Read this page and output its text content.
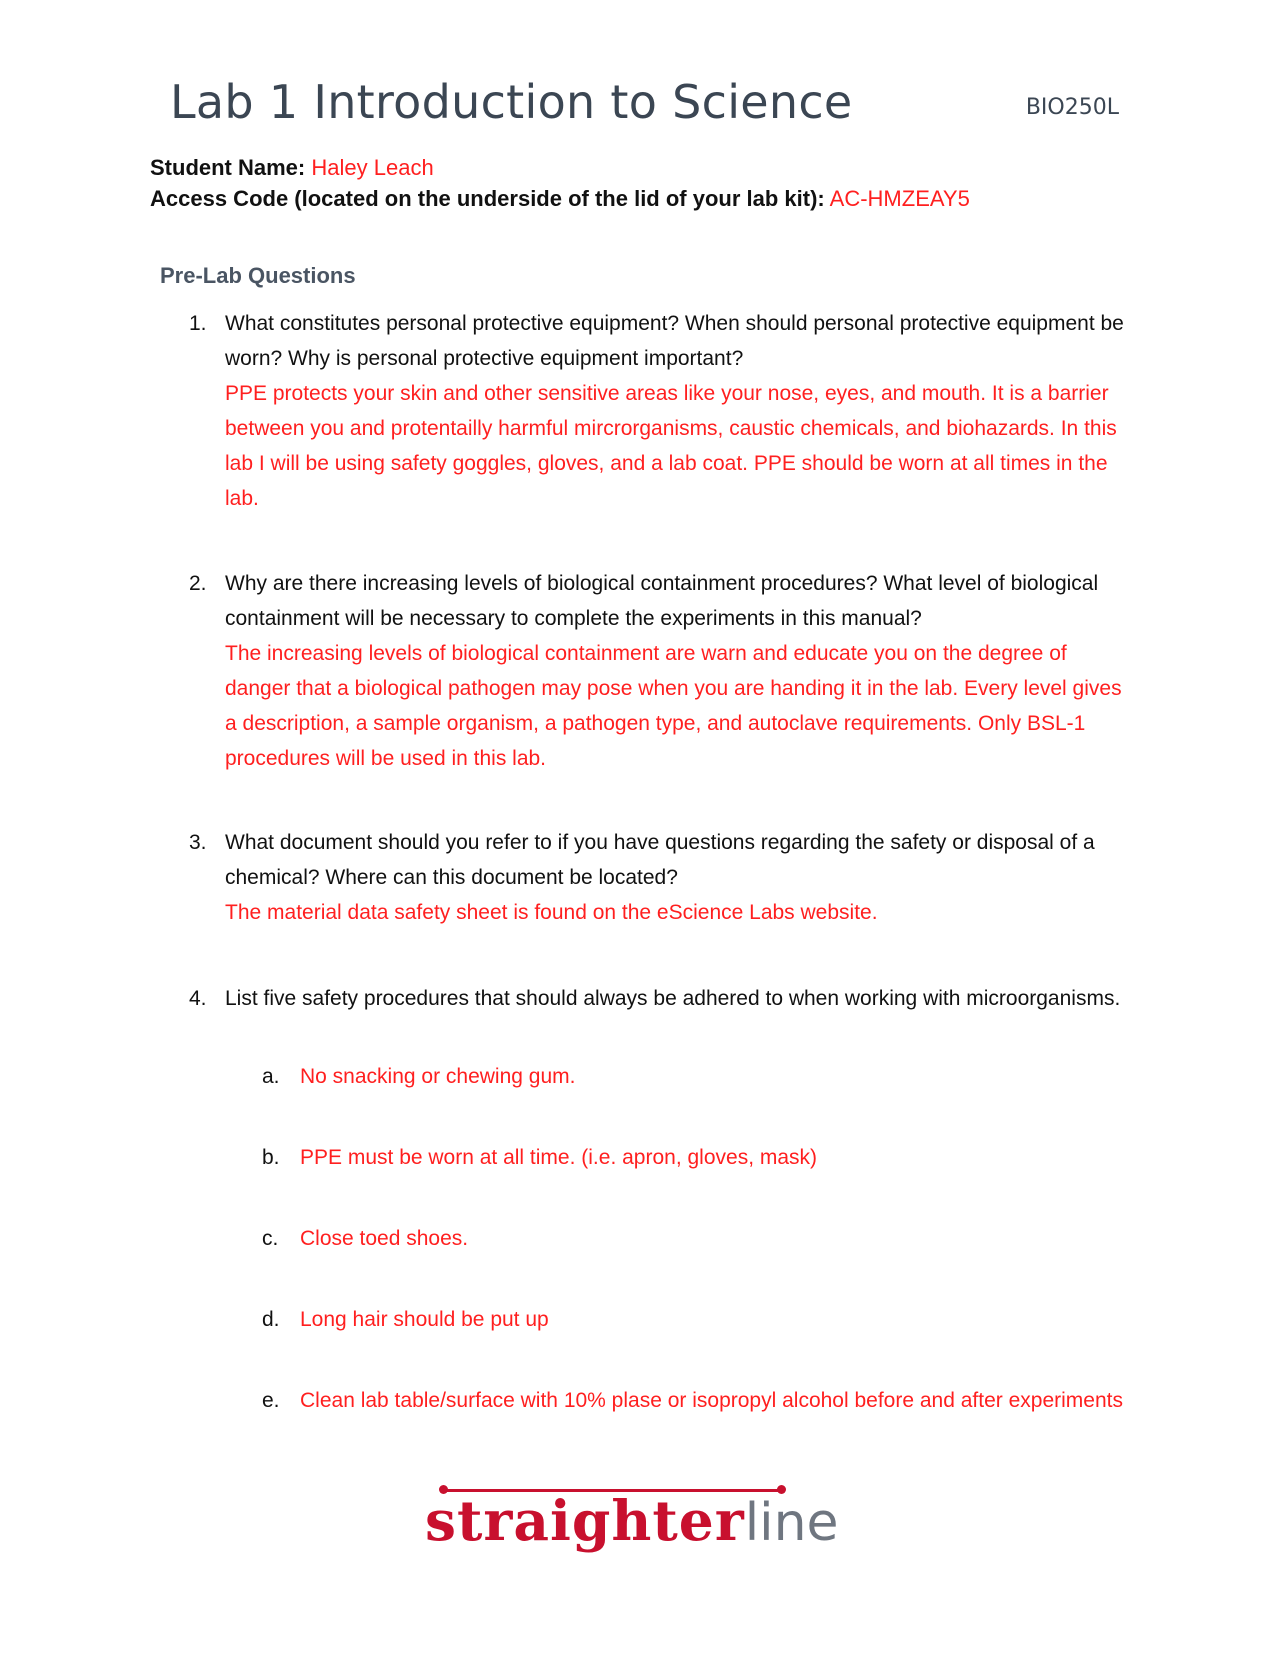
Lab 1 Introduction to Science	BIO250L
Student Name: Haley Leach
Access Code (located on the underside of the lid of your lab kit): AC-HMZEAY5
Pre-Lab Questions
1. What constitutes personal protective equipment? When should personal protective equipment be worn? Why is personal protective equipment important?
PPE protects your skin and other sensitive areas like your nose, eyes, and mouth. It is a barrier between you and protentailly harmful mircrorganisms, caustic chemicals, and biohazards. In this lab I will be using safety goggles, gloves, and a lab coat. PPE should be worn at all times in the lab.
2. Why are there increasing levels of biological containment procedures? What level of biological containment will be necessary to complete the experiments in this manual?
The increasing levels of biological containment are warn and educate you on the degree of danger that a biological pathogen may pose when you are handing it in the lab. Every level gives a description, a sample organism, a pathogen type, and autoclave requirements. Only BSL-1 procedures will be used in this lab.
3. What document should you refer to if you have questions regarding the safety or disposal of a chemical? Where can this document be located?
The material data safety sheet is found on the eScience Labs website.
4. List five safety procedures that should always be adhered to when working with microorganisms.
a. No snacking or chewing gum.
b. PPE must be worn at all time. (i.e. apron, gloves, mask)
c.	Close toed shoes.
d. Long hair should be put up
e. Clean lab table/surface with 10% plase or isopropyl alcohol before and after experiments
straighterline
